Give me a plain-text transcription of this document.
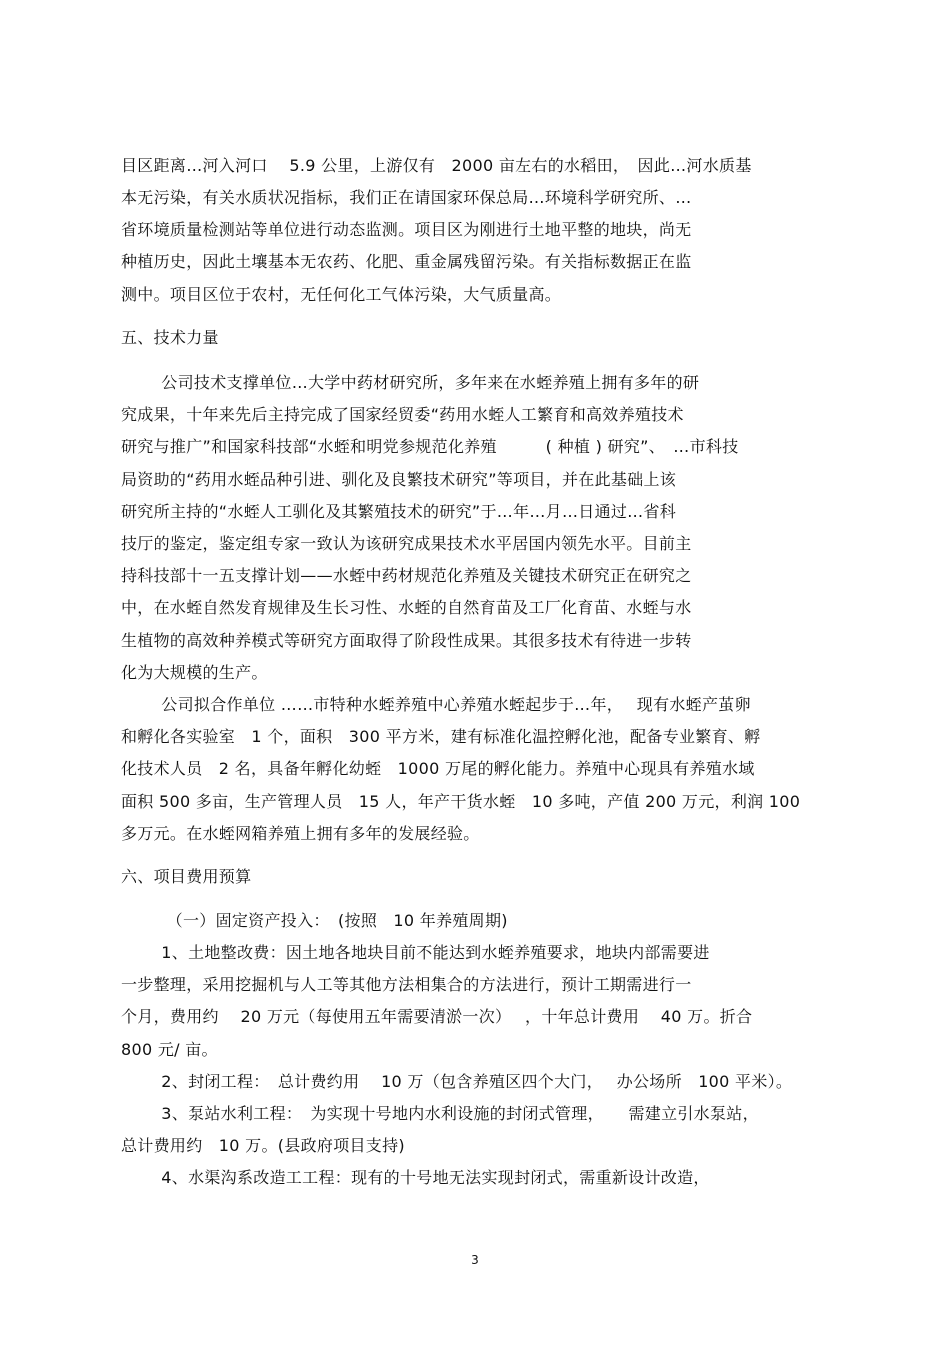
目区距离…河入河口　 5.9 公里，上游仅有　2000 亩左右的水稻田，　因此…河水质基

本无污染，有关水质状况指标，我们正在请国家环保总局…环境科学研究所、…

省环境质量检测站等单位进行动态监测。项目区为刚进行土地平整的地块，尚无

种植历史，因此土壤基本无农药、化肥、重金属残留污染。有关指标数据正在监

测中。项目区位于农村，无任何化工气体污染，大气质量高。

五、技术力量

　公司技术支撑单位…大学中药材研究所，多年来在水蛭养殖上拥有多年的研

究成果，十年来先后主持完成了国家经贸委“药用水蛭人工繁育和高效养殖技术

研究与推广”和国家科技部“水蛭和明党参规范化养殖　　　( 种植 ) 研究”、　…市科技

局资助的“药用水蛭品种引进、驯化及良繁技术研究”等项目，并在此基础上该

研究所主持的“水蛭人工驯化及其繁殖技术的研究”于…年…月…日通过…省科

技厅的鉴定，鉴定组专家一致认为该研究成果技术水平居国内领先水平。目前主

持科技部十一五支撑计划——水蛭中药材规范化养殖及关键技术研究正在研究之

中，在水蛭自然发育规律及生长习性、水蛭的自然育苗及工厂化育苗、水蛭与水

生植物的高效种养模式等研究方面取得了阶段性成果。其很多技术有待进一步转

化为大规模的生产。

　公司拟合作单位 ……市特种水蛭养殖中心养殖水蛭起步于…年，　 现有水蛭产茧卵

和孵化各实验室　1 个，面积　300 平方米，建有标准化温控孵化池，配备专业繁育、孵

化技术人员　2 名，具备年孵化幼蛭　1000 万尾的孵化能力。养殖中心现具有养殖水域

面积 500 多亩，生产管理人员　15 人，年产干货水蛭　10 多吨，产值 200 万元，利润 100

多万元。在水蛭网箱养殖上拥有多年的发展经验。

六、项目费用预算

　 （一）固定资产投入：　(按照　10 年养殖周期)

　1、土地整改费：因土地各地块目前不能达到水蛭养殖要求，地块内部需要进

一步整理，采用挖掘机与人工等其他方法相集合的方法进行，预计工期需进行一

个月，费用约　 20 万元（每使用五年需要清淤一次）　 ，十年总计费用　 40 万。折合

800 元/ 亩。

　2、封闭工程：　总计费约用　 10 万（包含养殖区四个大门，　 办公场所　100 平米）。

　3、泵站水利工程：　为实现十号地内水利设施的封闭式管理，　　需建立引水泵站，

总计费用约　10 万。(县政府项目支持)

　4、水渠沟系改造工工程：现有的十号地无法实现封闭式，需重新设计改造，

3
